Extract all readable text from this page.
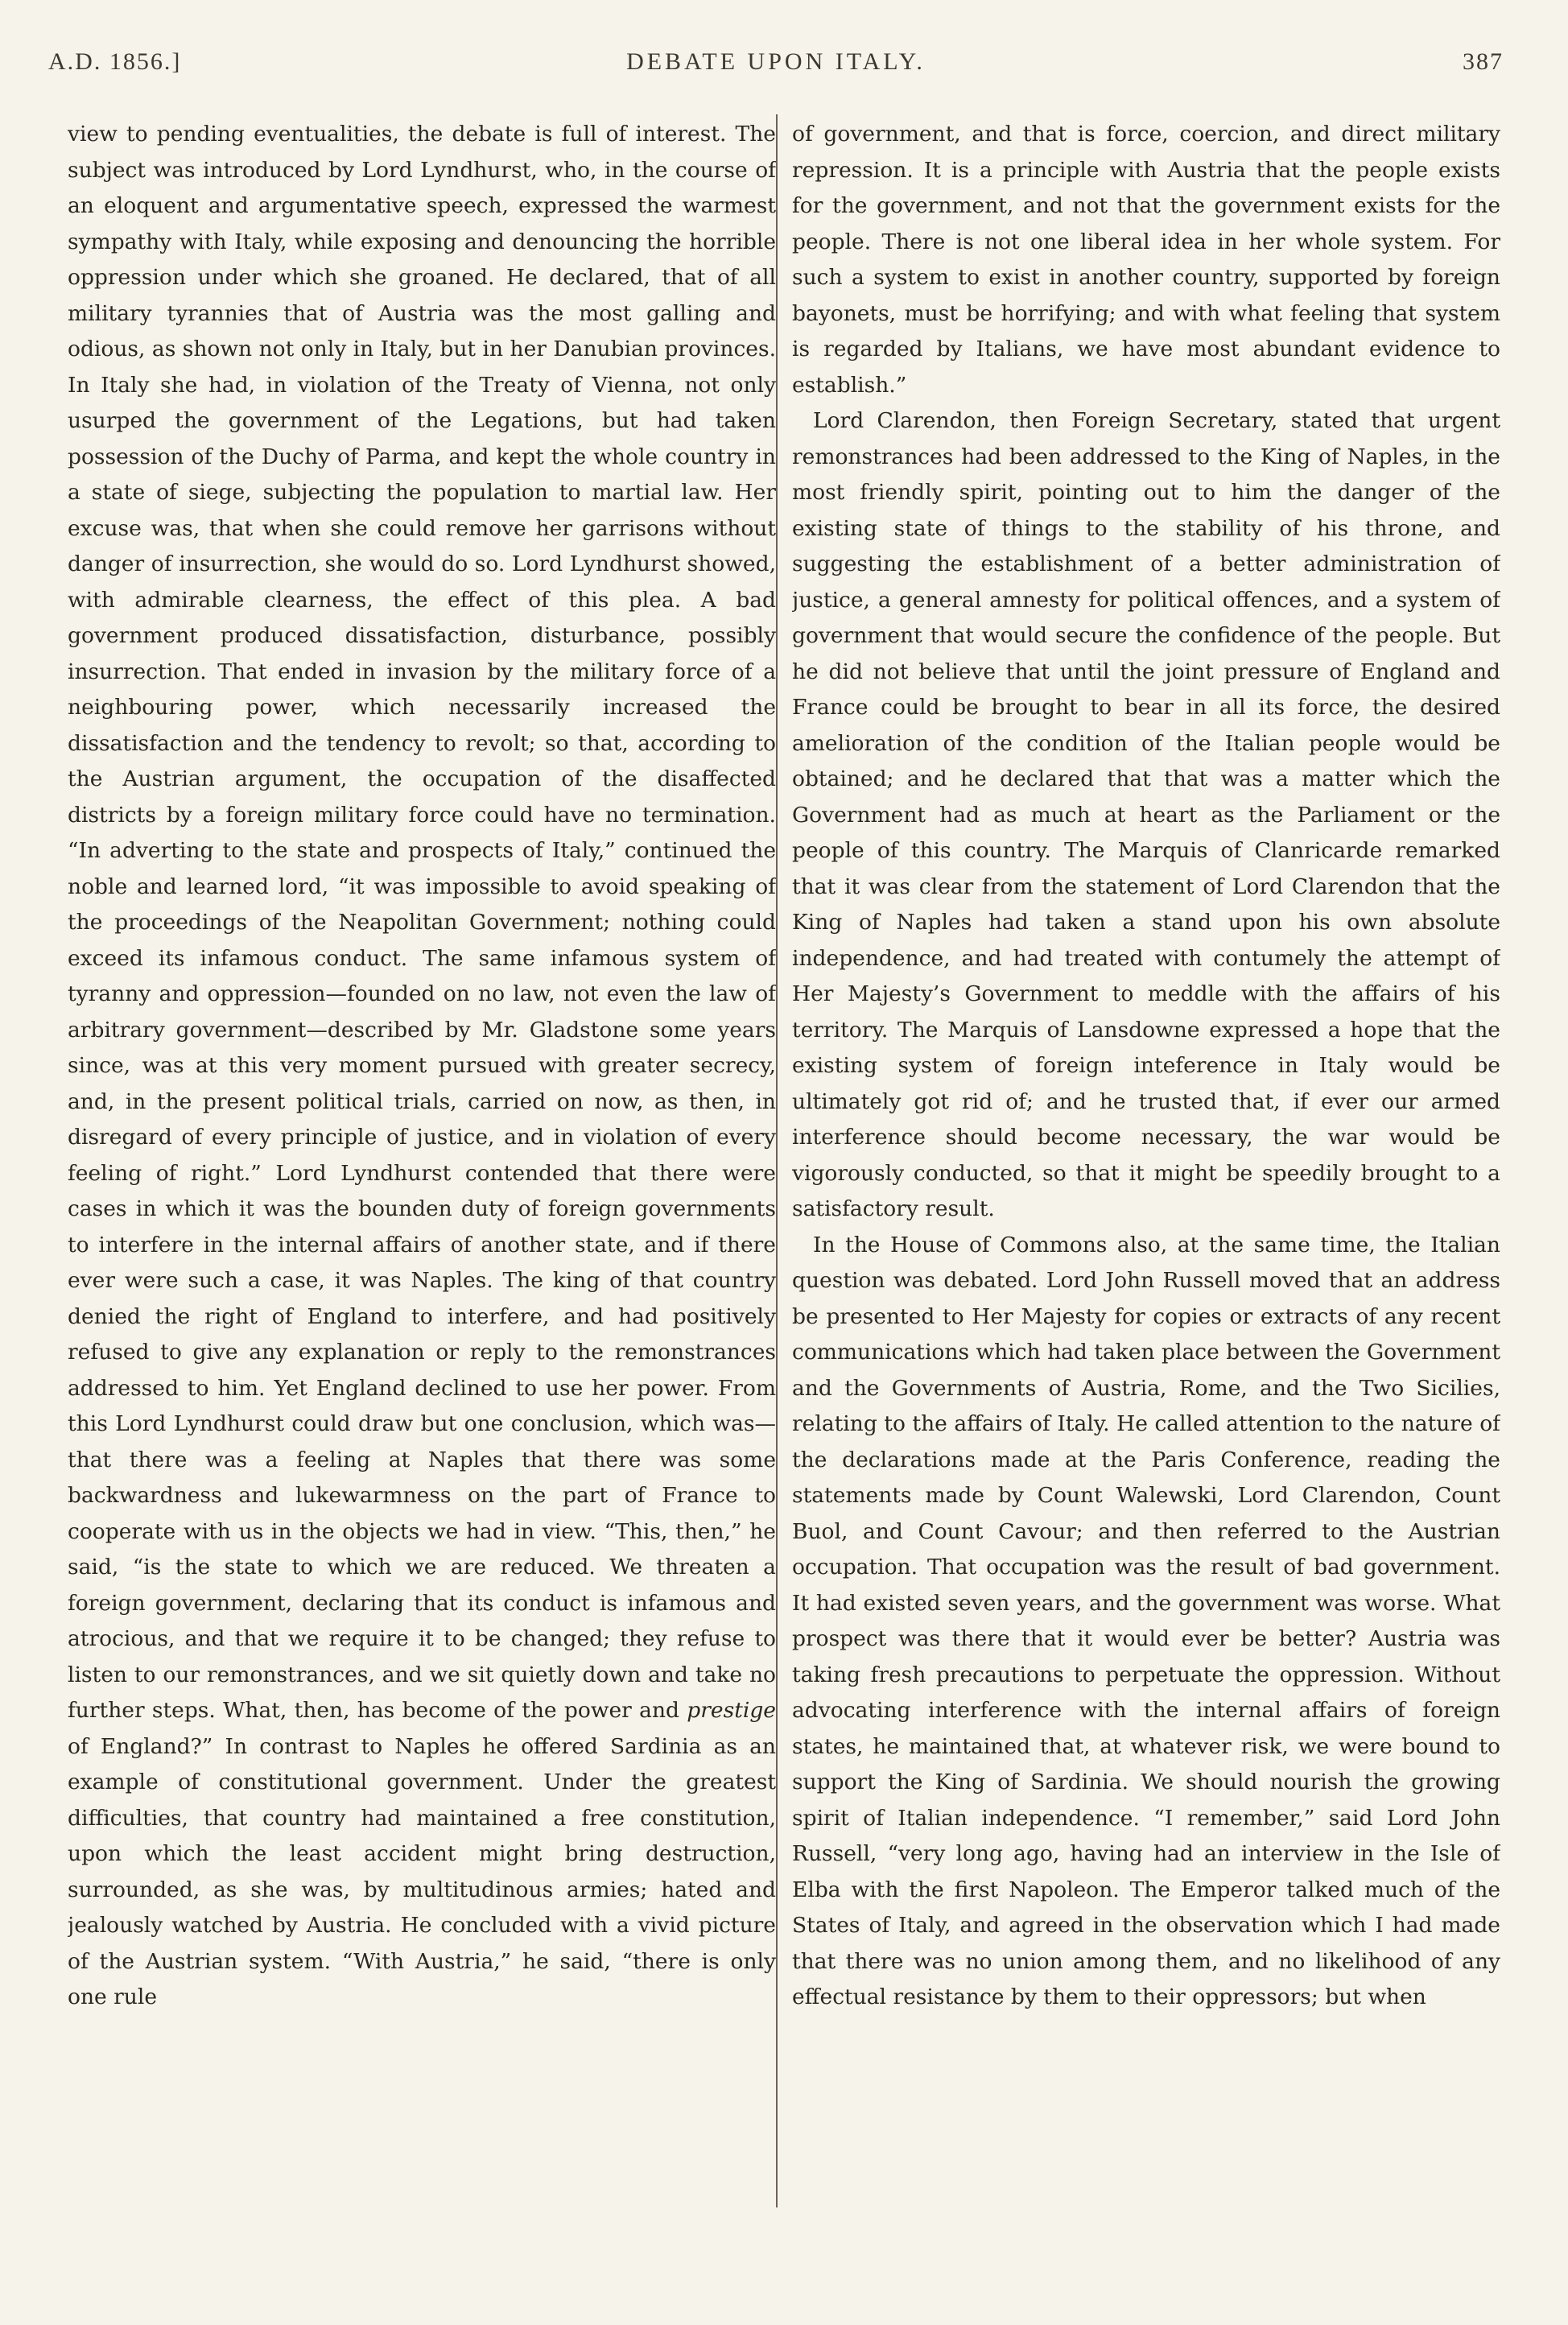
A.D. 1856.]	DEBATE UPON ITALY.	387

view to pending eventualities, the debate is full of interest. The subject was introduced by Lord Lyndhurst, who, in the course of an eloquent and argumentative speech, expressed the warmest sympathy with Italy, while exposing and denouncing the horrible oppression under which she groaned. He declared, that of all military tyrannies that of Austria was the most galling and odious, as shown not only in Italy, but in her Danubian provinces. In Italy she had, in violation of the Treaty of Vienna, not only usurped the government of the Legations, but had taken possession of the Duchy of Parma, and kept the whole country in a state of siege, subjecting the population to martial law. Her excuse was, that when she could remove her garrisons without danger of insurrection, she would do so. Lord Lyndhurst showed, with admirable clearness, the effect of this plea. A bad government produced dissatisfaction, disturbance, possibly insurrection. That ended in invasion by the military force of a neighbouring power, which necessarily increased the dissatisfaction and the tendency to revolt; so that, according to the Austrian argument, the occupation of the disaffected districts by a foreign military force could have no termination. “In adverting to the state and prospects of Italy,” continued the noble and learned lord, “it was impossible to avoid speaking of the proceedings of the Neapolitan Government; nothing could exceed its infamous conduct. The same infamous system of tyranny and oppression—founded on no law, not even the law of arbitrary government—described by Mr. Gladstone some years since, was at this very moment pursued with greater secrecy, and, in the present political trials, carried on now, as then, in disregard of every principle of justice, and in violation of every feeling of right.” Lord Lyndhurst contended that there were cases in which it was the bounden duty of foreign governments to interfere in the internal affairs of another state, and if there ever were such a case, it was Naples. The king of that country denied the right of England to interfere, and had positively refused to give any explanation or reply to the remonstrances addressed to him. Yet England declined to use her power. From this Lord Lyndhurst could draw but one conclusion, which was—that there was a feeling at Naples that there was some backwardness and lukewarmness on the part of France to cooperate with us in the objects we had in view. “This, then,” he said, “is the state to which we are reduced. We threaten a foreign government, declaring that its conduct is infamous and atrocious, and that we require it to be changed; they refuse to listen to our remonstrances, and we sit quietly down and take no further steps. What, then, has become of the power and prestige of England?” In contrast to Naples he offered Sardinia as an example of constitutional government. Under the greatest difficulties, that country had maintained a free constitution, upon which the least accident might bring destruction, surrounded, as she was, by multitudinous armies; hated and jealously watched by Austria. He concluded with a vivid picture of the Austrian system. “With Austria,” he said, “there is only one rule

of government, and that is force, coercion, and direct military repression. It is a principle with Austria that the people exists for the government, and not that the government exists for the people. There is not one liberal idea in her whole system. For such a system to exist in another country, supported by foreign bayonets, must be horrifying; and with what feeling that system is regarded by Italians, we have most abundant evidence to establish.”

Lord Clarendon, then Foreign Secretary, stated that urgent remonstrances had been addressed to the King of Naples, in the most friendly spirit, pointing out to him the danger of the existing state of things to the stability of his throne, and suggesting the establishment of a better administration of justice, a general amnesty for political offences, and a system of government that would secure the confidence of the people. But he did not believe that until the joint pressure of England and France could be brought to bear in all its force, the desired amelioration of the condition of the Italian people would be obtained; and he declared that that was a matter which the Government had as much at heart as the Parliament or the people of this country. The Marquis of Clanricarde remarked that it was clear from the statement of Lord Clarendon that the King of Naples had taken a stand upon his own absolute independence, and had treated with contumely the attempt of Her Majesty’s Government to meddle with the affairs of his territory. The Marquis of Lansdowne expressed a hope that the existing system of foreign inteference in Italy would be ultimately got rid of; and he trusted that, if ever our armed interference should become necessary, the war would be vigorously conducted, so that it might be speedily brought to a satisfactory result.

In the House of Commons also, at the same time, the Italian question was debated. Lord John Russell moved that an address be presented to Her Majesty for copies or extracts of any recent communications which had taken place between the Government and the Governments of Austria, Rome, and the Two Sicilies, relating to the affairs of Italy. He called attention to the nature of the declarations made at the Paris Conference, reading the statements made by Count Walewski, Lord Clarendon, Count Buol, and Count Cavour; and then referred to the Austrian occupation. That occupation was the result of bad government. It had existed seven years, and the government was worse. What prospect was there that it would ever be better? Austria was taking fresh precautions to perpetuate the oppression. Without advocating interference with the internal affairs of foreign states, he maintained that, at whatever risk, we were bound to support the King of Sardinia. We should nourish the growing spirit of Italian independence. “I remember,” said Lord John Russell, “very long ago, having had an interview in the Isle of Elba with the first Napoleon. The Emperor talked much of the States of Italy, and agreed in the observation which I had made that there was no union among them, and no likelihood of any effectual resistance by them to their oppressors; but when
